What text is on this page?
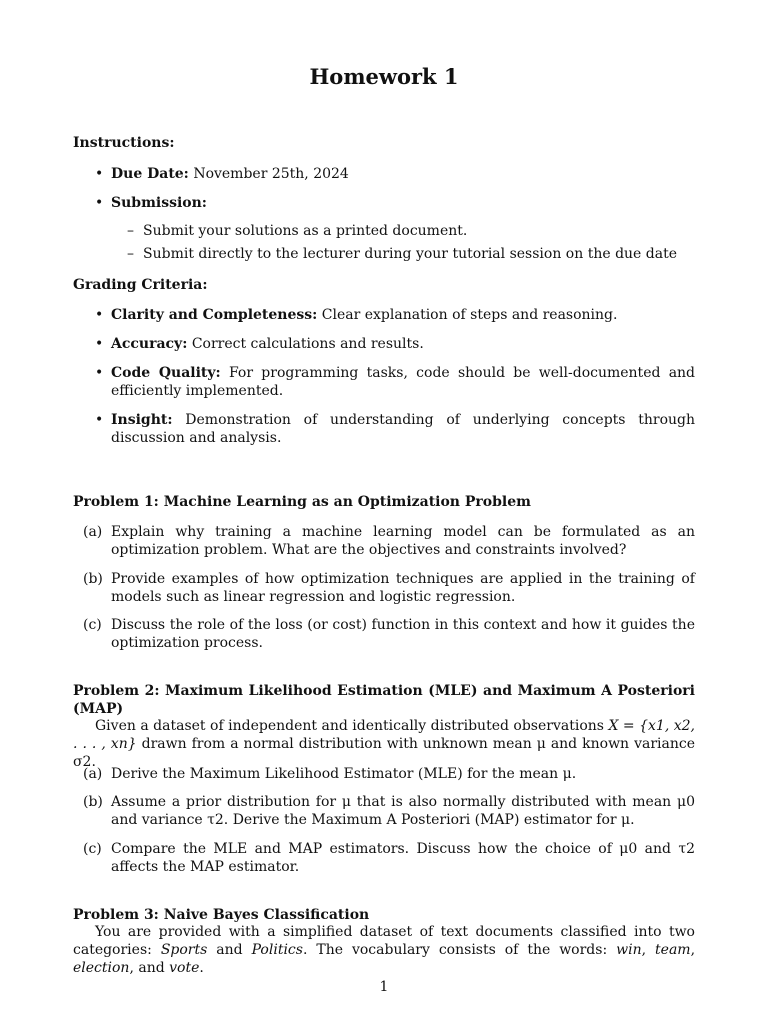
Homework 1
Instructions:
• Due Date: November 25th, 2024
• Submission:
– Submit your solutions as a printed document.
– Submit directly to the lecturer during your tutorial session on the due date
Grading Criteria:
• Clarity and Completeness: Clear explanation of steps and reasoning.
• Accuracy: Correct calculations and results.
• Code Quality: For programming tasks, code should be well-documented and efficiently implemented.
• Insight: Demonstration of understanding of underlying concepts through discussion and analysis.
Problem 1: Machine Learning as an Optimization Problem
(a) Explain why training a machine learning model can be formulated as an optimization problem. What are the objectives and constraints involved?
(b) Provide examples of how optimization techniques are applied in the training of models such as linear regression and logistic regression.
(c) Discuss the role of the loss (or cost) function in this context and how it guides the optimization process.
Problem 2: Maximum Likelihood Estimation (MLE) and Maximum A Posteriori (MAP)
Given a dataset of independent and identically distributed observations X = {x1, x2, . . . , xn} drawn from a normal distribution with unknown mean μ and known variance σ2.
(a) Derive the Maximum Likelihood Estimator (MLE) for the mean μ.
(b) Assume a prior distribution for μ that is also normally distributed with mean μ0 and variance τ2. Derive the Maximum A Posteriori (MAP) estimator for μ.
(c) Compare the MLE and MAP estimators. Discuss how the choice of μ0 and τ2 affects the MAP estimator.
Problem 3: Naive Bayes Classification
You are provided with a simplified dataset of text documents classified into two categories: Sports and Politics. The vocabulary consists of the words: win, team, election, and vote.
1
